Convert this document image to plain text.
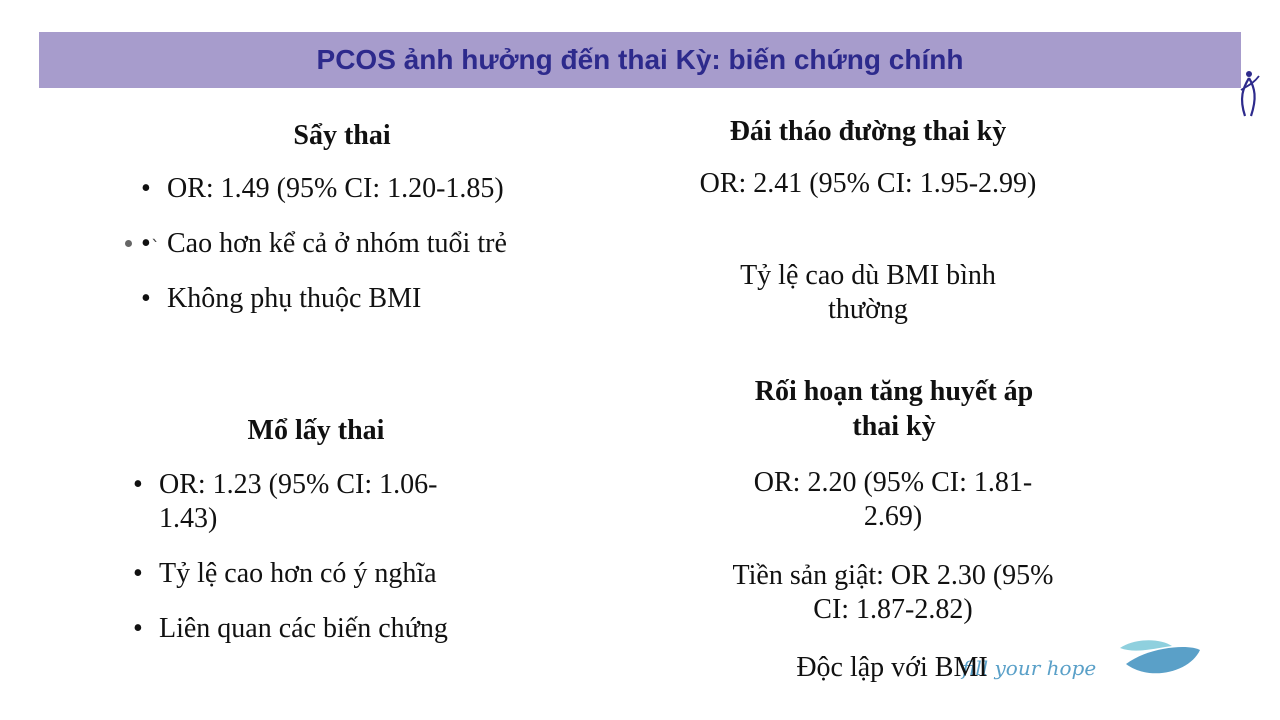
PCOS ảnh hưởng đến thai Kỳ: biến chứng chính
Sẩy thai
• OR: 1.49 (95% CI: 1.20-1.85)
• Cao hơn kể cả ở nhóm tuổi trẻ
• Không phụ thuộc BMI
ˎ
Mổ lấy thai
• OR: 1.23 (95% CI: 1.06-1.43)
• Tỷ lệ cao hơn có ý nghĩa
• Liên quan các biến chứng
Đái tháo đường thai kỳ
OR: 2.41 (95% CI: 1.95-2.99)
Tỷ lệ cao dù BMI bình thường
Rối hoạn tăng huyết áp thai kỳ
OR: 2.20 (95% CI: 1.81-2.69)
Tiền sản giật: OR 2.30 (95% CI: 1.87-2.82)
fill your hope
Độc lập với BMI
